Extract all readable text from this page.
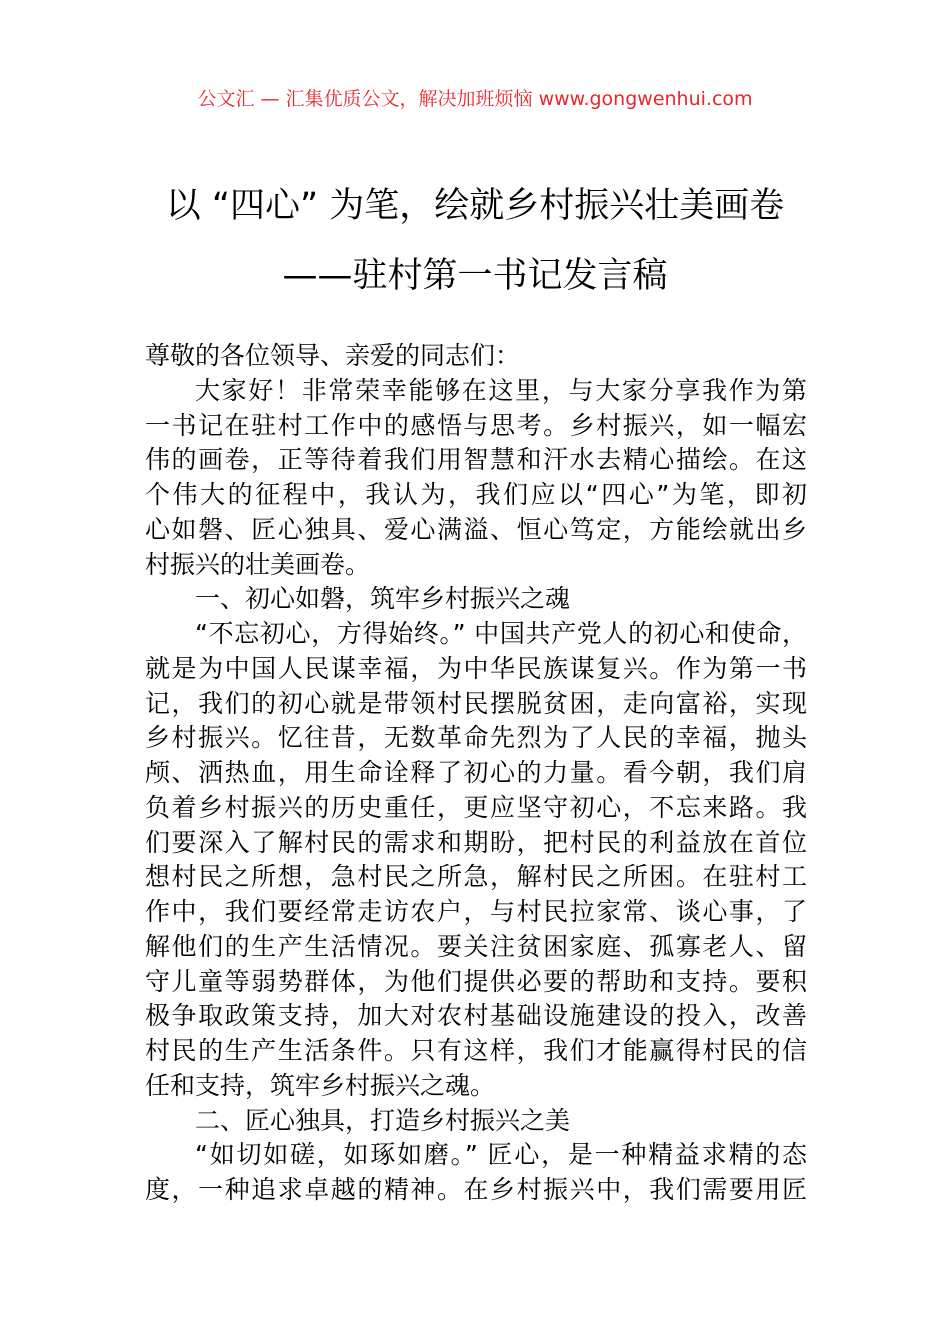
公文汇 — 汇集优质公文，解决加班烦恼 www.gongwenhui.com
以 “四心” 为笔，绘就乡村振兴壮美画卷
——驻村第一书记发言稿
尊敬的各位领导、亲爱的同志们：
大家好！非常荣幸能够在这里，与大家分享我作为第
一书记在驻村工作中的感悟与思考。乡村振兴，如一幅宏
伟的画卷，正等待着我们用智慧和汗水去精心描绘。在这
个伟大的征程中，我认为，我们应以“四心”为笔，即初
心如磐、匠心独具、爱心满溢、恒心笃定，方能绘就出乡
村振兴的壮美画卷。
一、初心如磐，筑牢乡村振兴之魂
“不忘初心，方得始终。” 中国共产党人的初心和使命，
就是为中国人民谋幸福，为中华民族谋复兴。作为第一书
记，我们的初心就是带领村民摆脱贫困，走向富裕，实现
乡村振兴。忆往昔，无数革命先烈为了人民的幸福，抛头
颅、洒热血，用生命诠释了初心的力量。看今朝，我们肩
负着乡村振兴的历史重任，更应坚守初心，不忘来路。我
们要深入了解村民的需求和期盼，把村民的利益放在首位
想村民之所想，急村民之所急，解村民之所困。在驻村工
作中，我们要经常走访农户，与村民拉家常、谈心事，了
解他们的生产生活情况。要关注贫困家庭、孤寡老人、留
守儿童等弱势群体，为他们提供必要的帮助和支持。要积
极争取政策支持，加大对农村基础设施建设的投入，改善
村民的生产生活条件。只有这样，我们才能赢得村民的信
任和支持，筑牢乡村振兴之魂。
二、匠心独具，打造乡村振兴之美
“如切如磋，如琢如磨。” 匠心，是一种精益求精的态
度，一种追求卓越的精神。在乡村振兴中，我们需要用匠
